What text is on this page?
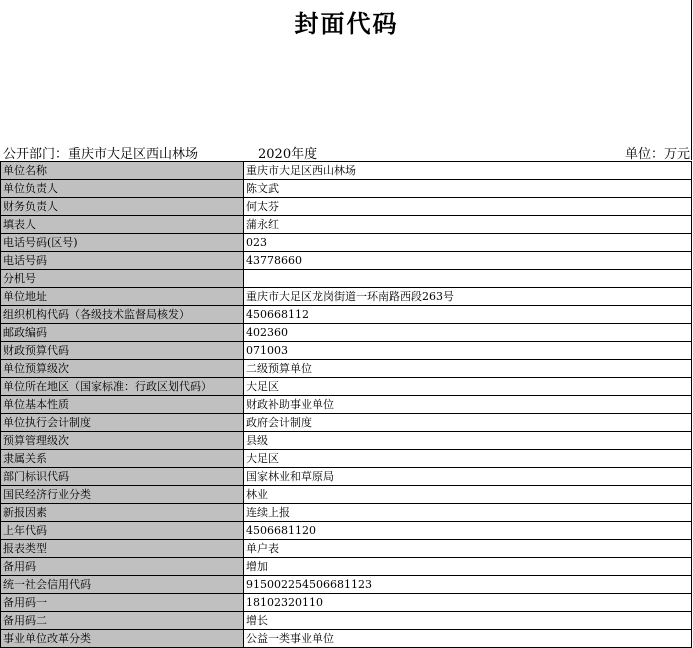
封面代码
公开部门：重庆市大足区西山林场	2020年度	单位：万元
单位名称	重庆市大足区西山林场
单位负责人	陈文武
财务负责人	何太芬
填表人	蒲永红
电话号码(区号)	023
电话号码	43778660
分机号	
单位地址	重庆市大足区龙岗街道一环南路西段263号
组织机构代码（各级技术监督局核发）	450668112
邮政编码	402360
财政预算代码	071003
单位预算级次	二级预算单位
单位所在地区（国家标准：行政区划代码）	大足区
单位基本性质	财政补助事业单位
单位执行会计制度	政府会计制度
预算管理级次	县级
隶属关系	大足区
部门标识代码	国家林业和草原局
国民经济行业分类	林业
新报因素	连续上报
上年代码	4506681120
报表类型	单户表
备用码	增加
统一社会信用代码	915002254506681123
备用码一	18102320110
备用码二	增长
事业单位改革分类	公益一类事业单位
